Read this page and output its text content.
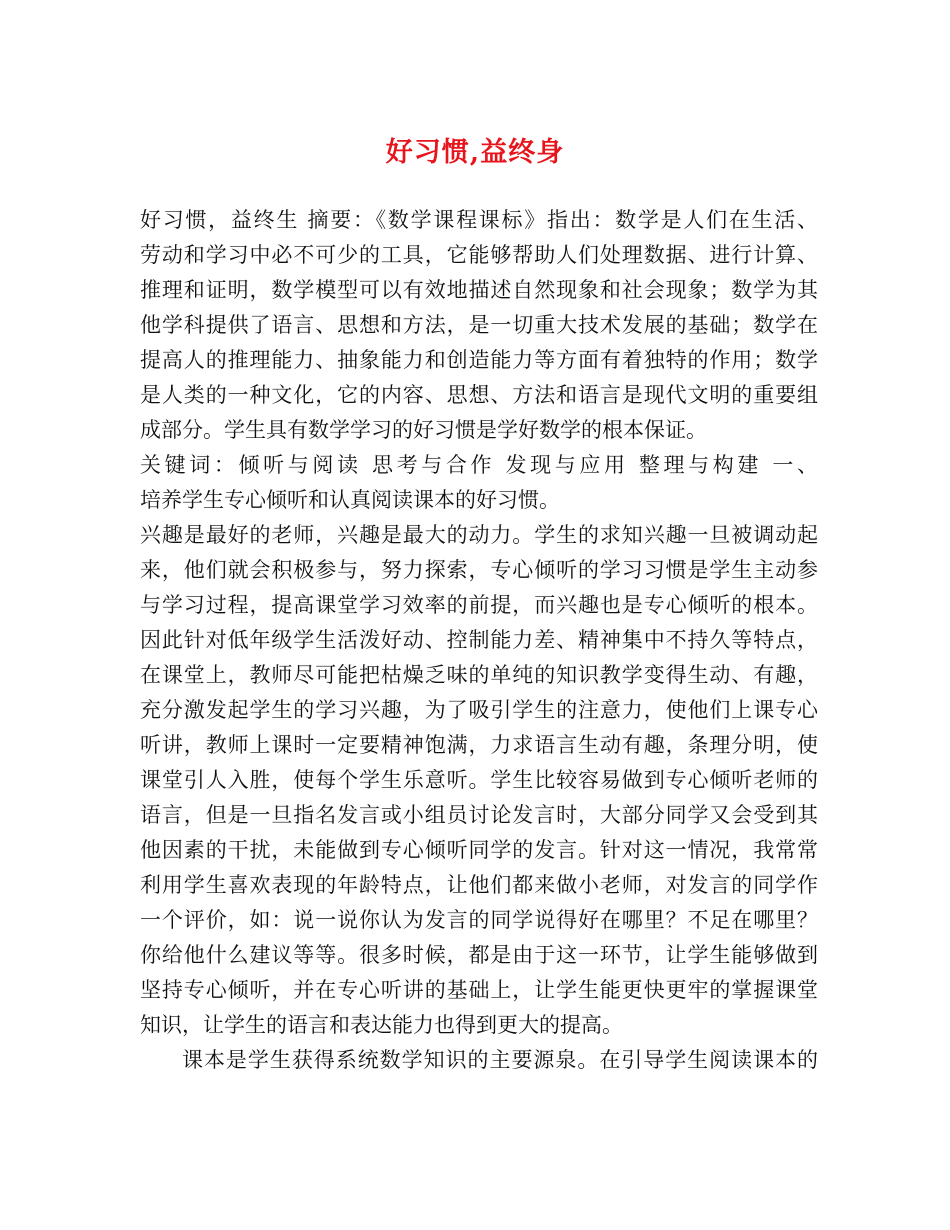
好习惯,益终身
好习惯，益终生 摘要：《数学课程课标》指出：数学是人们在生活、
劳动和学习中必不可少的工具，它能够帮助人们处理数据、进行计算、
推理和证明，数学模型可以有效地描述自然现象和社会现象；数学为其
他学科提供了语言、思想和方法，是一切重大技术发展的基础；数学在
提高人的推理能力、抽象能力和创造能力等方面有着独特的作用；数学
是人类的一种文化，它的内容、思想、方法和语言是现代文明的重要组
成部分。学生具有数学学习的好习惯是学好数学的根本保证。
关键词：倾听与阅读 思考与合作 发现与应用 整理与构建 一、
培养学生专心倾听和认真阅读课本的好习惯。
兴趣是最好的老师，兴趣是最大的动力。学生的求知兴趣一旦被调动起
来，他们就会积极参与，努力探索，专心倾听的学习习惯是学生主动参
与学习过程，提高课堂学习效率的前提，而兴趣也是专心倾听的根本。
因此针对低年级学生活泼好动、控制能力差、精神集中不持久等特点，
在课堂上，教师尽可能把枯燥乏味的单纯的知识教学变得生动、有趣，
充分激发起学生的学习兴趣，为了吸引学生的注意力，使他们上课专心
听讲，教师上课时一定要精神饱满，力求语言生动有趣，条理分明，使
课堂引人入胜，使每个学生乐意听。学生比较容易做到专心倾听老师的
语言，但是一旦指名发言或小组员讨论发言时，大部分同学又会受到其
他因素的干扰，未能做到专心倾听同学的发言。针对这一情况，我常常
利用学生喜欢表现的年龄特点，让他们都来做小老师，对发言的同学作
一个评价，如：说一说你认为发言的同学说得好在哪里？不足在哪里？
你给他什么建议等等。很多时候，都是由于这一环节，让学生能够做到
坚持专心倾听，并在专心听讲的基础上，让学生能更快更牢的掌握课堂
知识，让学生的语言和表达能力也得到更大的提高。
课本是学生获得系统数学知识的主要源泉。在引导学生阅读课本的
